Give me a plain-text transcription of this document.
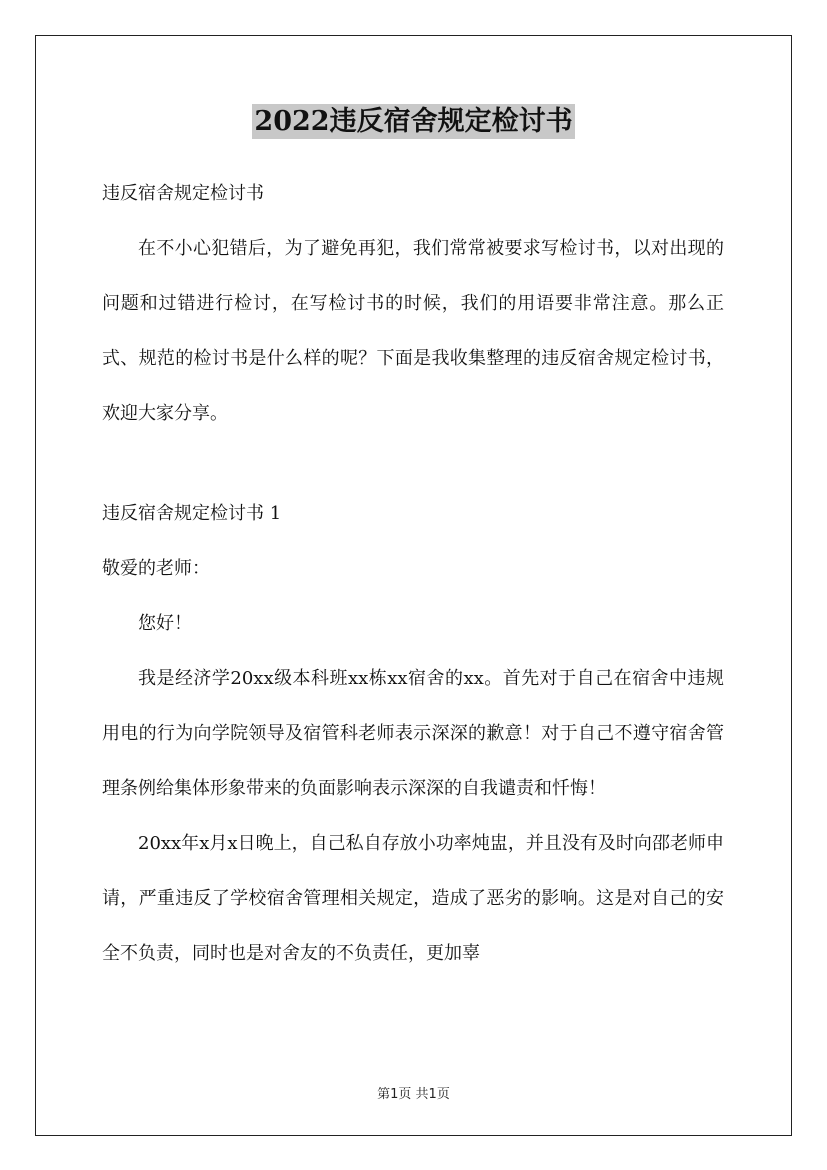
2022违反宿舍规定检讨书

违反宿舍规定检讨书

在不小心犯错后，为了避免再犯，我们常常被要求写检讨书，以对出现的问题和过错进行检讨，在写检讨书的时候，我们的用语要非常注意。那么正式、规范的检讨书是什么样的呢？下面是我收集整理的违反宿舍规定检讨书，欢迎大家分享。

违反宿舍规定检讨书 1

敬爱的老师：

您好！

我是经济学20xx级本科班xx栋xx宿舍的xx。首先对于自己在宿舍中违规用电的行为向学院领导及宿管科老师表示深深的歉意！对于自己不遵守宿舍管理条例给集体形象带来的负面影响表示深深的自我谴责和忏悔！

20xx年x月x日晚上，自己私自存放小功率炖盅，并且没有及时向邵老师申请，严重违反了学校宿舍管理相关规定，造成了恶劣的影响。这是对自己的安全不负责，同时也是对舍友的不负责任，更加辜

第1页 共1页
